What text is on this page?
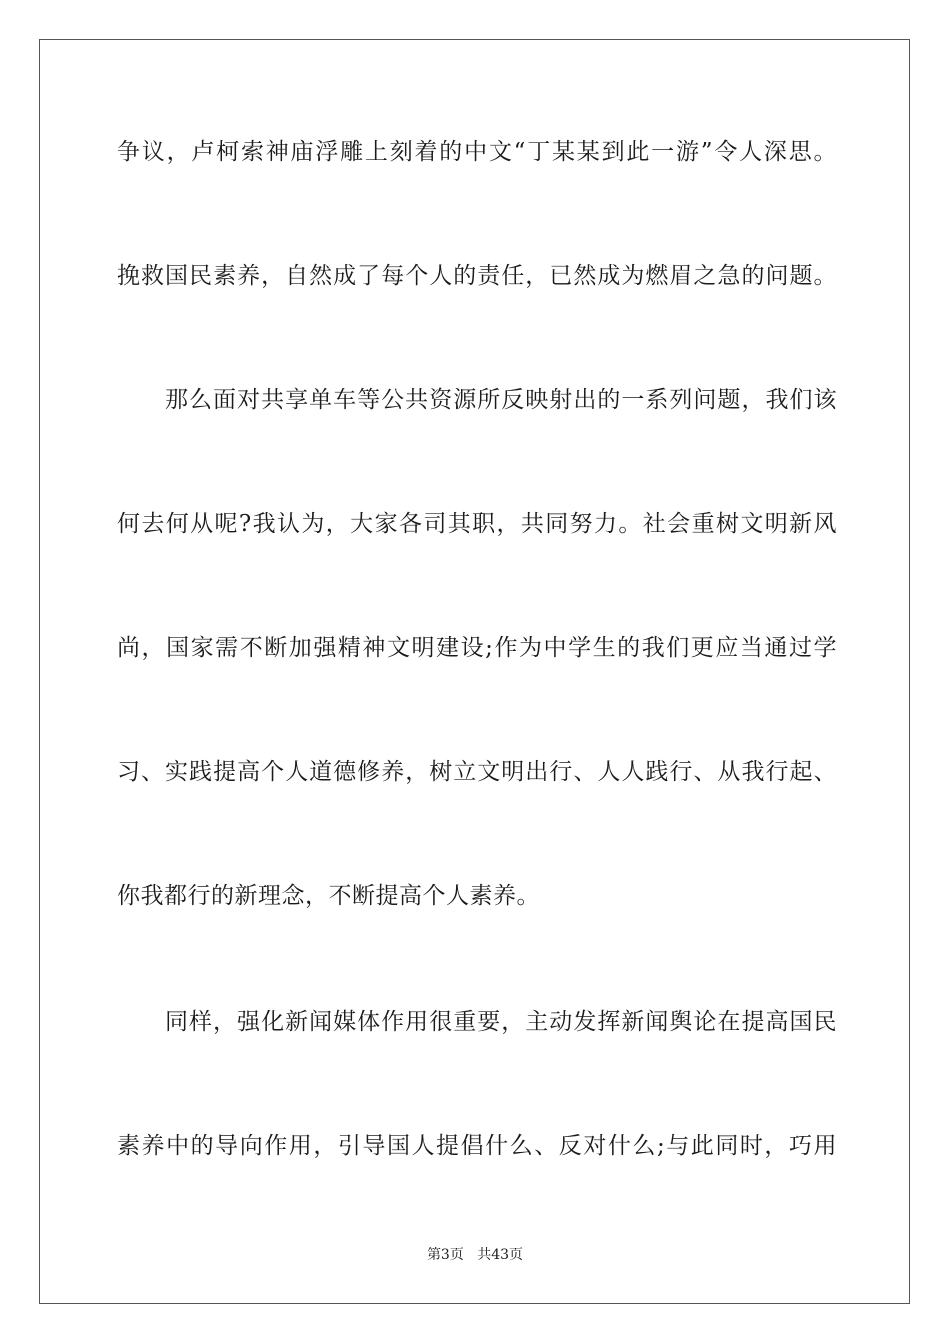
争议，卢柯索神庙浮雕上刻着的中文“丁某某到此一游”令人深思。
挽救国民素养，自然成了每个人的责任，已然成为燃眉之急的问题。
那么面对共享单车等公共资源所反映射出的一系列问题，我们该
何去何从呢?我认为，大家各司其职，共同努力。社会重树文明新风
尚，国家需不断加强精神文明建设;作为中学生的我们更应当通过学
习、实践提高个人道德修养，树立文明出行、人人践行、从我行起、
你我都行的新理念，不断提高个人素养。
同样，强化新闻媒体作用很重要，主动发挥新闻舆论在提高国民
素养中的导向作用，引导国人提倡什么、反对什么;与此同时，巧用
第3页 共43页
